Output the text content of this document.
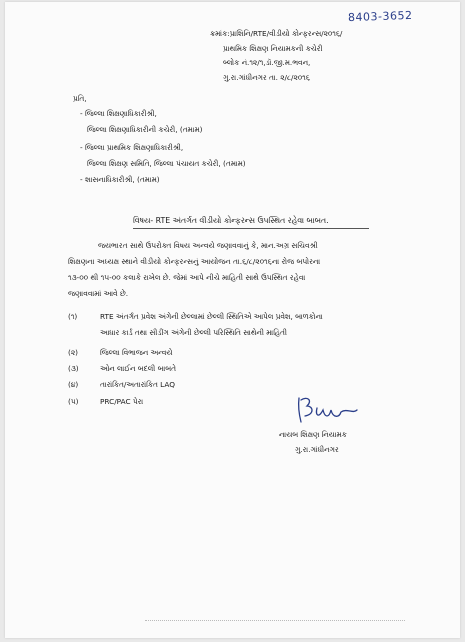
8403-3652
ક્રમાંક:પ્રાશિનિ/RTE/વીડીયો કોન્ફરન્સ/૨૦૧૬/
પ્રાથમિક શિક્ષણ નિયામકની કચેરી
બ્લોક નં.૧૨/૧,ડૉ.જી.મ.ભવન,
ગુ.રા.ગાંધીનગર તા. ૨/૮/૨૦૧૬
પ્રતિ,
- જિલ્લા શિક્ષણાધિકારીશ્રી,
જિલ્લા શિક્ષણાધિકારીની કચેરી, (તમામ)
- જિલ્લા પ્રાથમિક શિક્ષણાધિકારીશ્રી,
જિલ્લા શિક્ષણ સમિતિ, જિલ્લા પંચાયત કચેરી, (તમામ)
- શાસનાધિકારીશ્રી, (તમામ)
વિષય- RTE અંતર્ગત વીડીયો કોન્ફરન્સ ઉપસ્થિત રહેવા બાબત.
જયભારત સાથે ઉપરોક્ત વિષય અન્વયે જણાવવાનું કે, માન.અગ્ર સચિવશ્રી
શિક્ષણના અધ્યક્ષ સ્થાને વીડીયો કોન્ફરન્સનું આયોજન તા.૬/૮/૨૦૧૬ના રોજ બપોરના
૧૩-૦૦ થી ૧૫-૦૦ કલાકે રાખેલ છે. જેમાં આપે નીચે માહિતી સાથે ઉપસ્થિત રહેવા
જણાવવામાં આવે છે.
(૧)	RTE અંતર્ગત પ્રવેશ અંગેની છેલ્લામાં છેલ્લી સ્થિતિએ આપેલ પ્રવેશ, બાળકોના
આધાર કાર્ડ તથા સીડીંગ અંગેની છેલ્લી પરિસ્થિતિ સાથેની માહિતી
(૨)	જિલ્લા વિભાજન અન્વયે
(૩)	ઓન લાઈન બદલી બાબતે
(૪)	તારાંકિત/અતારાંકિત LAQ
(૫)	PRC/PAC પેરા
નાયબ શિક્ષણ નિયામક
ગુ.રા.ગાંધીનગર
